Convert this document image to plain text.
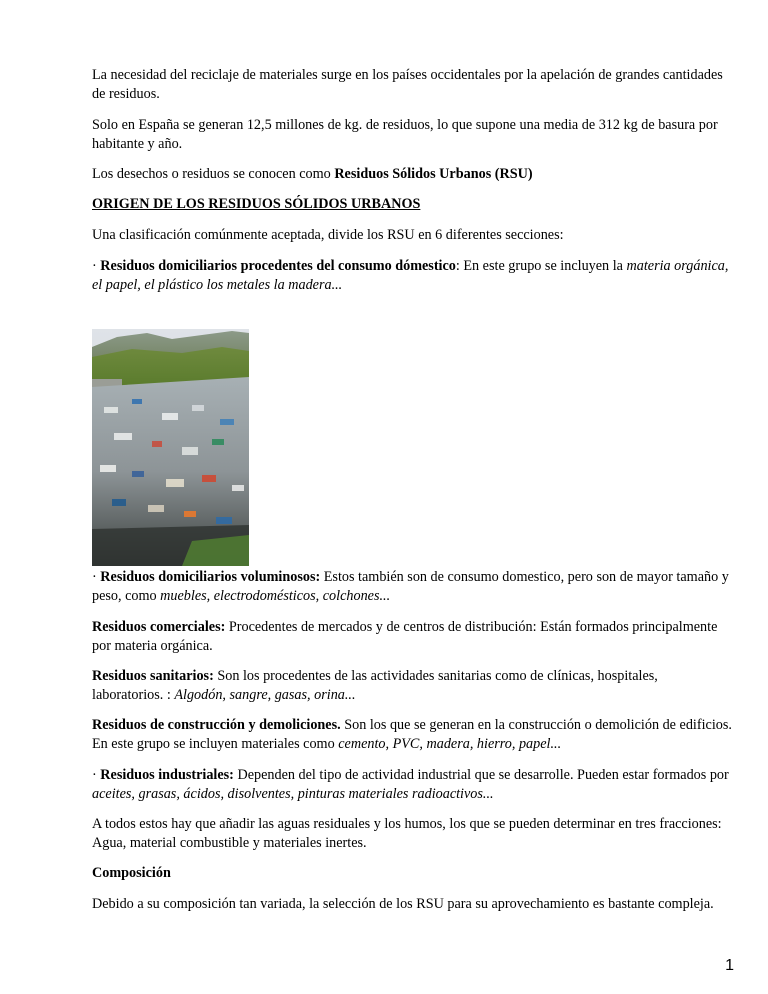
La necesidad del reciclaje de materiales surge en los países occidentales por la apelación de grandes cantidades de residuos.

Solo en España se generan 12,5 millones de kg. de residuos, lo que supone una media de 312 kg de basura por habitante y año.

Los desechos o residuos se conocen como Residuos Sólidos Urbanos (RSU)

ORIGEN DE LOS RESIDUOS SÓLIDOS URBANOS

Una clasificación comúnmente aceptada, divide los RSU en 6 diferentes secciones:

· Residuos domiciliarios procedentes del consumo dómestico: En este grupo se incluyen la materia orgánica, el papel, el plástico los metales la madera...

· Residuos domiciliarios voluminosos: Estos también son de consumo domestico, pero son de mayor tamaño y peso, como muebles, electrodomésticos, colchones...

Residuos comerciales: Procedentes de mercados y de centros de distribución: Están formados principalmente por materia orgánica.

Residuos sanitarios: Son los procedentes de las actividades sanitarias como de clínicas, hospitales, laboratorios. : Algodón, sangre, gasas, orina...

Residuos de construcción y demoliciones. Son los que se generan en la construcción o demolición de edificios. En este grupo se incluyen materiales como cemento, PVC, madera, hierro, papel...

· Residuos industriales: Dependen del tipo de actividad industrial que se desarrolle. Pueden estar formados por aceites, grasas, ácidos, disolventes, pinturas materiales radioactivos...

A todos estos hay que añadir las aguas residuales y los humos, los que se pueden determinar en tres fracciones: Agua, material combustible y materiales inertes.

Composición

Debido a su composición tan variada, la selección de los RSU para su aprovechamiento es bastante compleja.

1
